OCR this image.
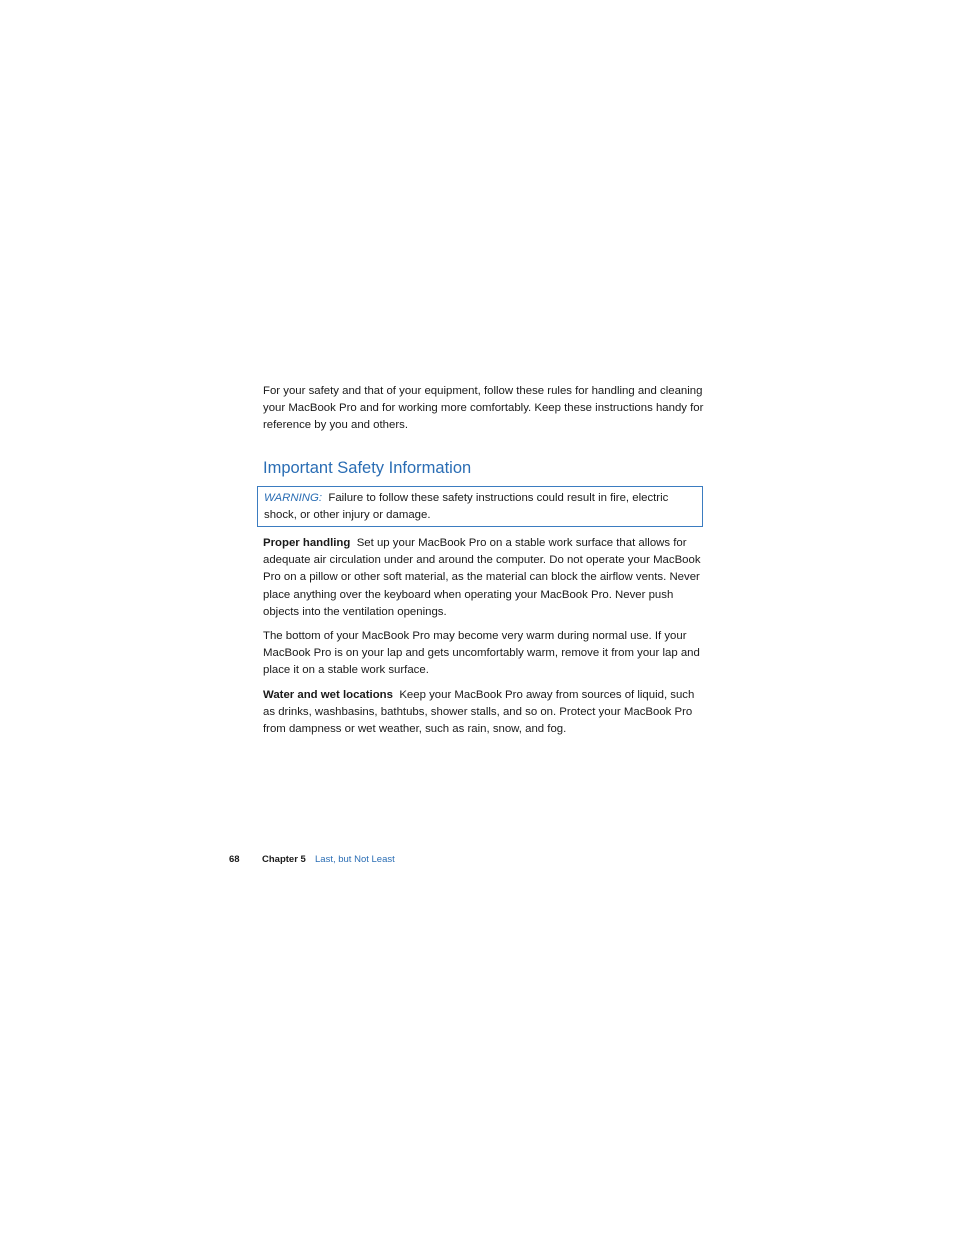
For your safety and that of your equipment, follow these rules for handling and cleaning your MacBook Pro and for working more comfortably. Keep these instructions handy for reference by you and others.

Important Safety Information
WARNING: Failure to follow these safety instructions could result in fire, electric shock, or other injury or damage.

Proper handling Set up your MacBook Pro on a stable work surface that allows for adequate air circulation under and around the computer. Do not operate your MacBook Pro on a pillow or other soft material, as the material can block the airflow vents. Never place anything over the keyboard when operating your MacBook Pro. Never push objects into the ventilation openings.

The bottom of your MacBook Pro may become very warm during normal use. If your MacBook Pro is on your lap and gets uncomfortably warm, remove it from your lap and place it on a stable work surface.

Water and wet locations Keep your MacBook Pro away from sources of liquid, such as drinks, washbasins, bathtubs, shower stalls, and so on. Protect your MacBook Pro from dampness or wet weather, such as rain, snow, and fog.

68 Chapter 5 Last, but Not Least
